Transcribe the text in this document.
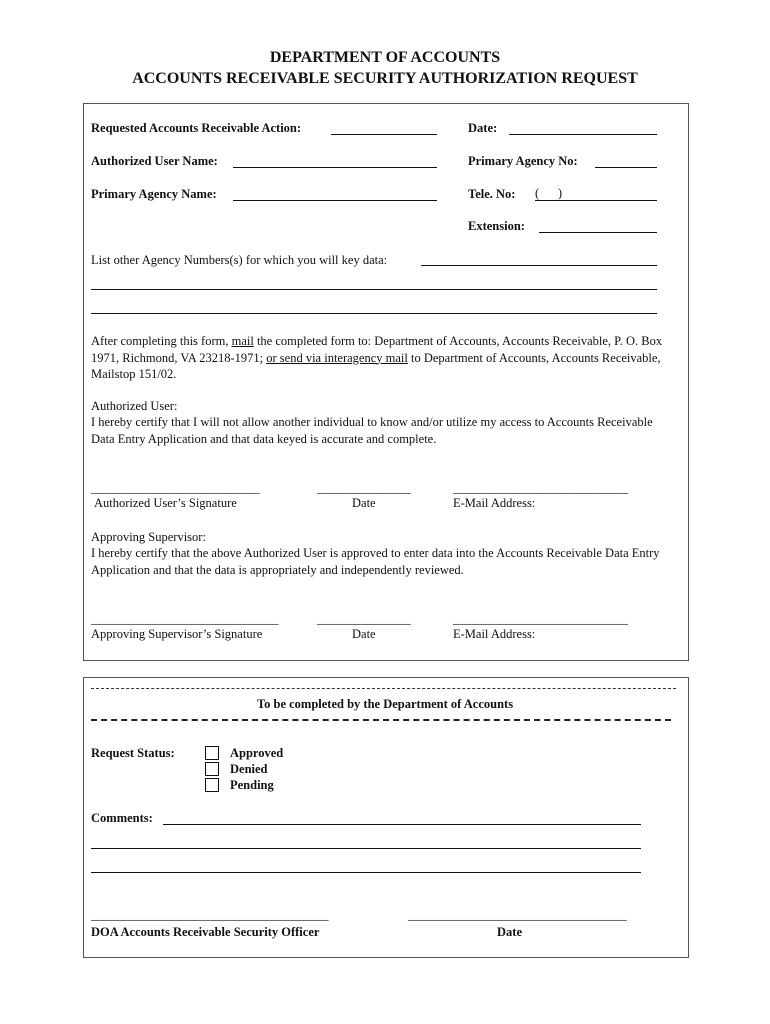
DEPARTMENT OF ACCOUNTS
ACCOUNTS RECEIVABLE SECURITY AUTHORIZATION REQUEST
Requested Accounts Receivable Action:	Date:
Authorized User Name:	Primary Agency No:
Primary Agency Name:	Tele. No: (      )
Extension:
List other Agency Numbers(s) for which you will key data:
After completing this form, mail the completed form to: Department of Accounts, Accounts Receivable, P. O. Box 1971, Richmond, VA 23218-1971; or send via interagency mail to Department of Accounts, Accounts Receivable, Mailstop 151/02.
Authorized User:
I hereby certify that I will not allow another individual to know and/or utilize my access to Accounts Receivable Data Entry Application and that data keyed is accurate and complete.
___________________________	_______________	____________________________
Authorized User’s Signature	Date	E-Mail Address:
Approving Supervisor:
I hereby certify that the above Authorized User is approved to enter data into the Accounts Receivable Data Entry Application and that the data is appropriately and independently reviewed.
______________________________	_______________	____________________________
Approving Supervisor’s Signature	Date	E-Mail Address:
To be completed by the Department of Accounts
Request Status:	Approved
Denied
Pending
Comments:
______________________________________	___________________________________
DOA Accounts Receivable Security Officer	Date
